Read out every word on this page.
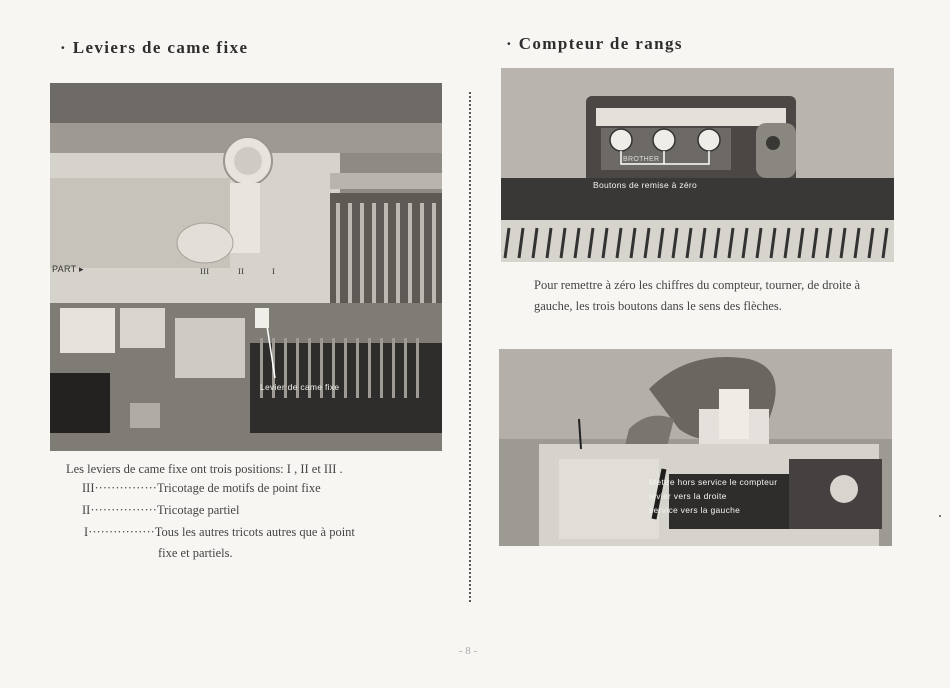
· Leviers de came fixe
Levier de came fixe
PART ▸	III	II	I
Les leviers de came fixe ont trois positions: I , II et III .
III···············Tricotage de motifs de point fixe
II················Tricotage partiel
I················Tous les autres tricots autres que à point
fixe et partiels.
· Compteur de rangs
BROTHER
Boutons de remise à zéro
Pour remettre à zéro les chiffres du compteur, tourner, de droite à gauche, les trois boutons dans le sens des flèches.
Mettre hors service le compteur
levier vers la droite
service vers la gauche
- 8 -
